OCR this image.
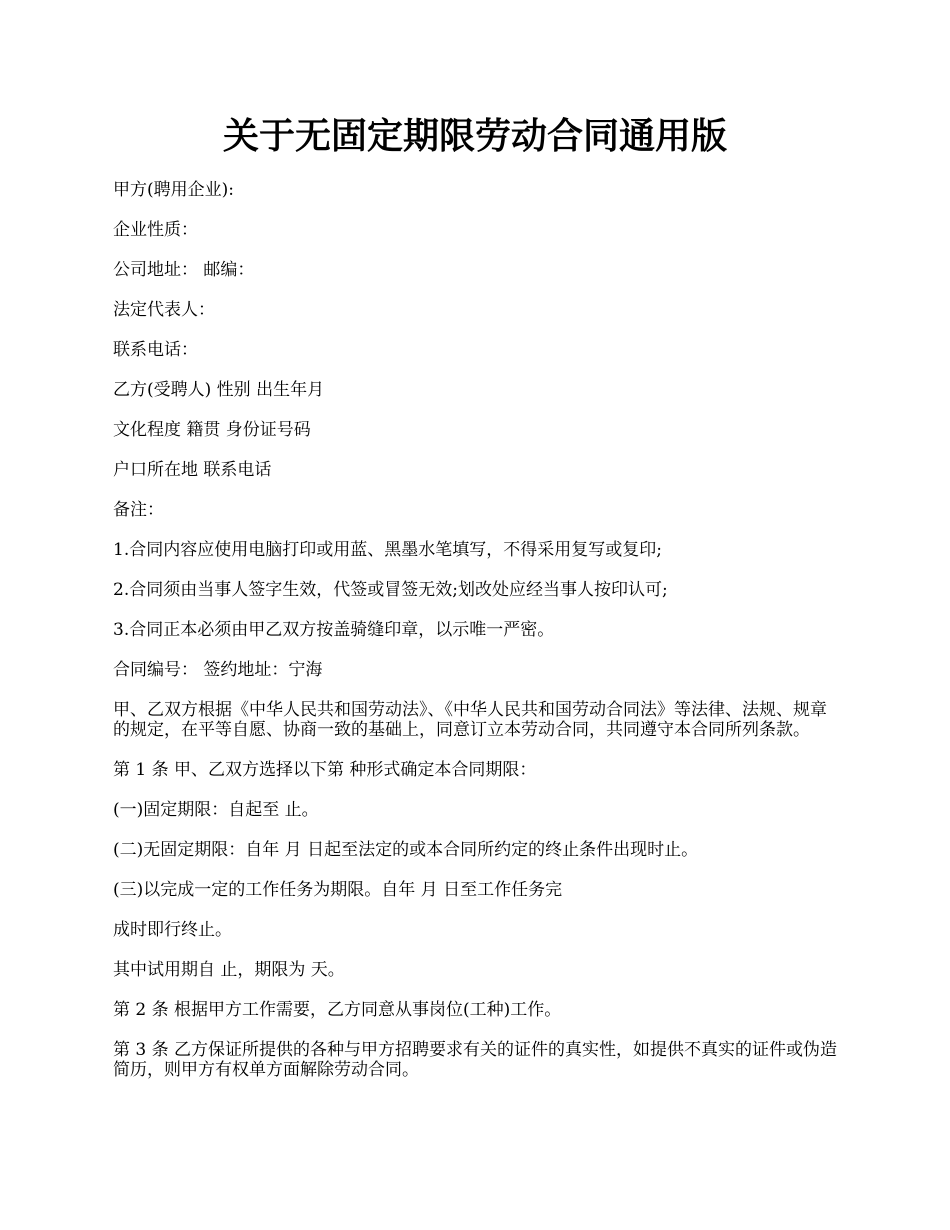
关于无固定期限劳动合同通用版

甲方(聘用企业):

企业性质：

公司地址： 邮编：

法定代表人：

联系电话：

乙方(受聘人) 性别 出生年月

文化程度 籍贯 身份证号码

户口所在地 联系电话

备注：

1.合同内容应使用电脑打印或用蓝、黑墨水笔填写，不得采用复写或复印;

2.合同须由当事人签字生效，代签或冒签无效;划改处应经当事人按印认可;

3.合同正本必须由甲乙双方按盖骑缝印章，以示唯一严密。

合同编号： 签约地址：宁海

甲、乙双方根据《中华人民共和国劳动法》、《中华人民共和国劳动合同法》等法律、法规、规章的规定，在平等自愿、协商一致的基础上，同意订立本劳动合同，共同遵守本合同所列条款。

第 1 条 甲、乙双方选择以下第 种形式确定本合同期限：

(一)固定期限：自起至 止。

(二)无固定期限：自年 月 日起至法定的或本合同所约定的终止条件出现时止。

(三)以完成一定的工作任务为期限。自年 月 日至工作任务完

成时即行终止。

其中试用期自 止，期限为 天。

第 2 条 根据甲方工作需要，乙方同意从事岗位(工种)工作。

第 3 条 乙方保证所提供的各种与甲方招聘要求有关的证件的真实性，如提供不真实的证件或伪造简历，则甲方有权单方面解除劳动合同。
